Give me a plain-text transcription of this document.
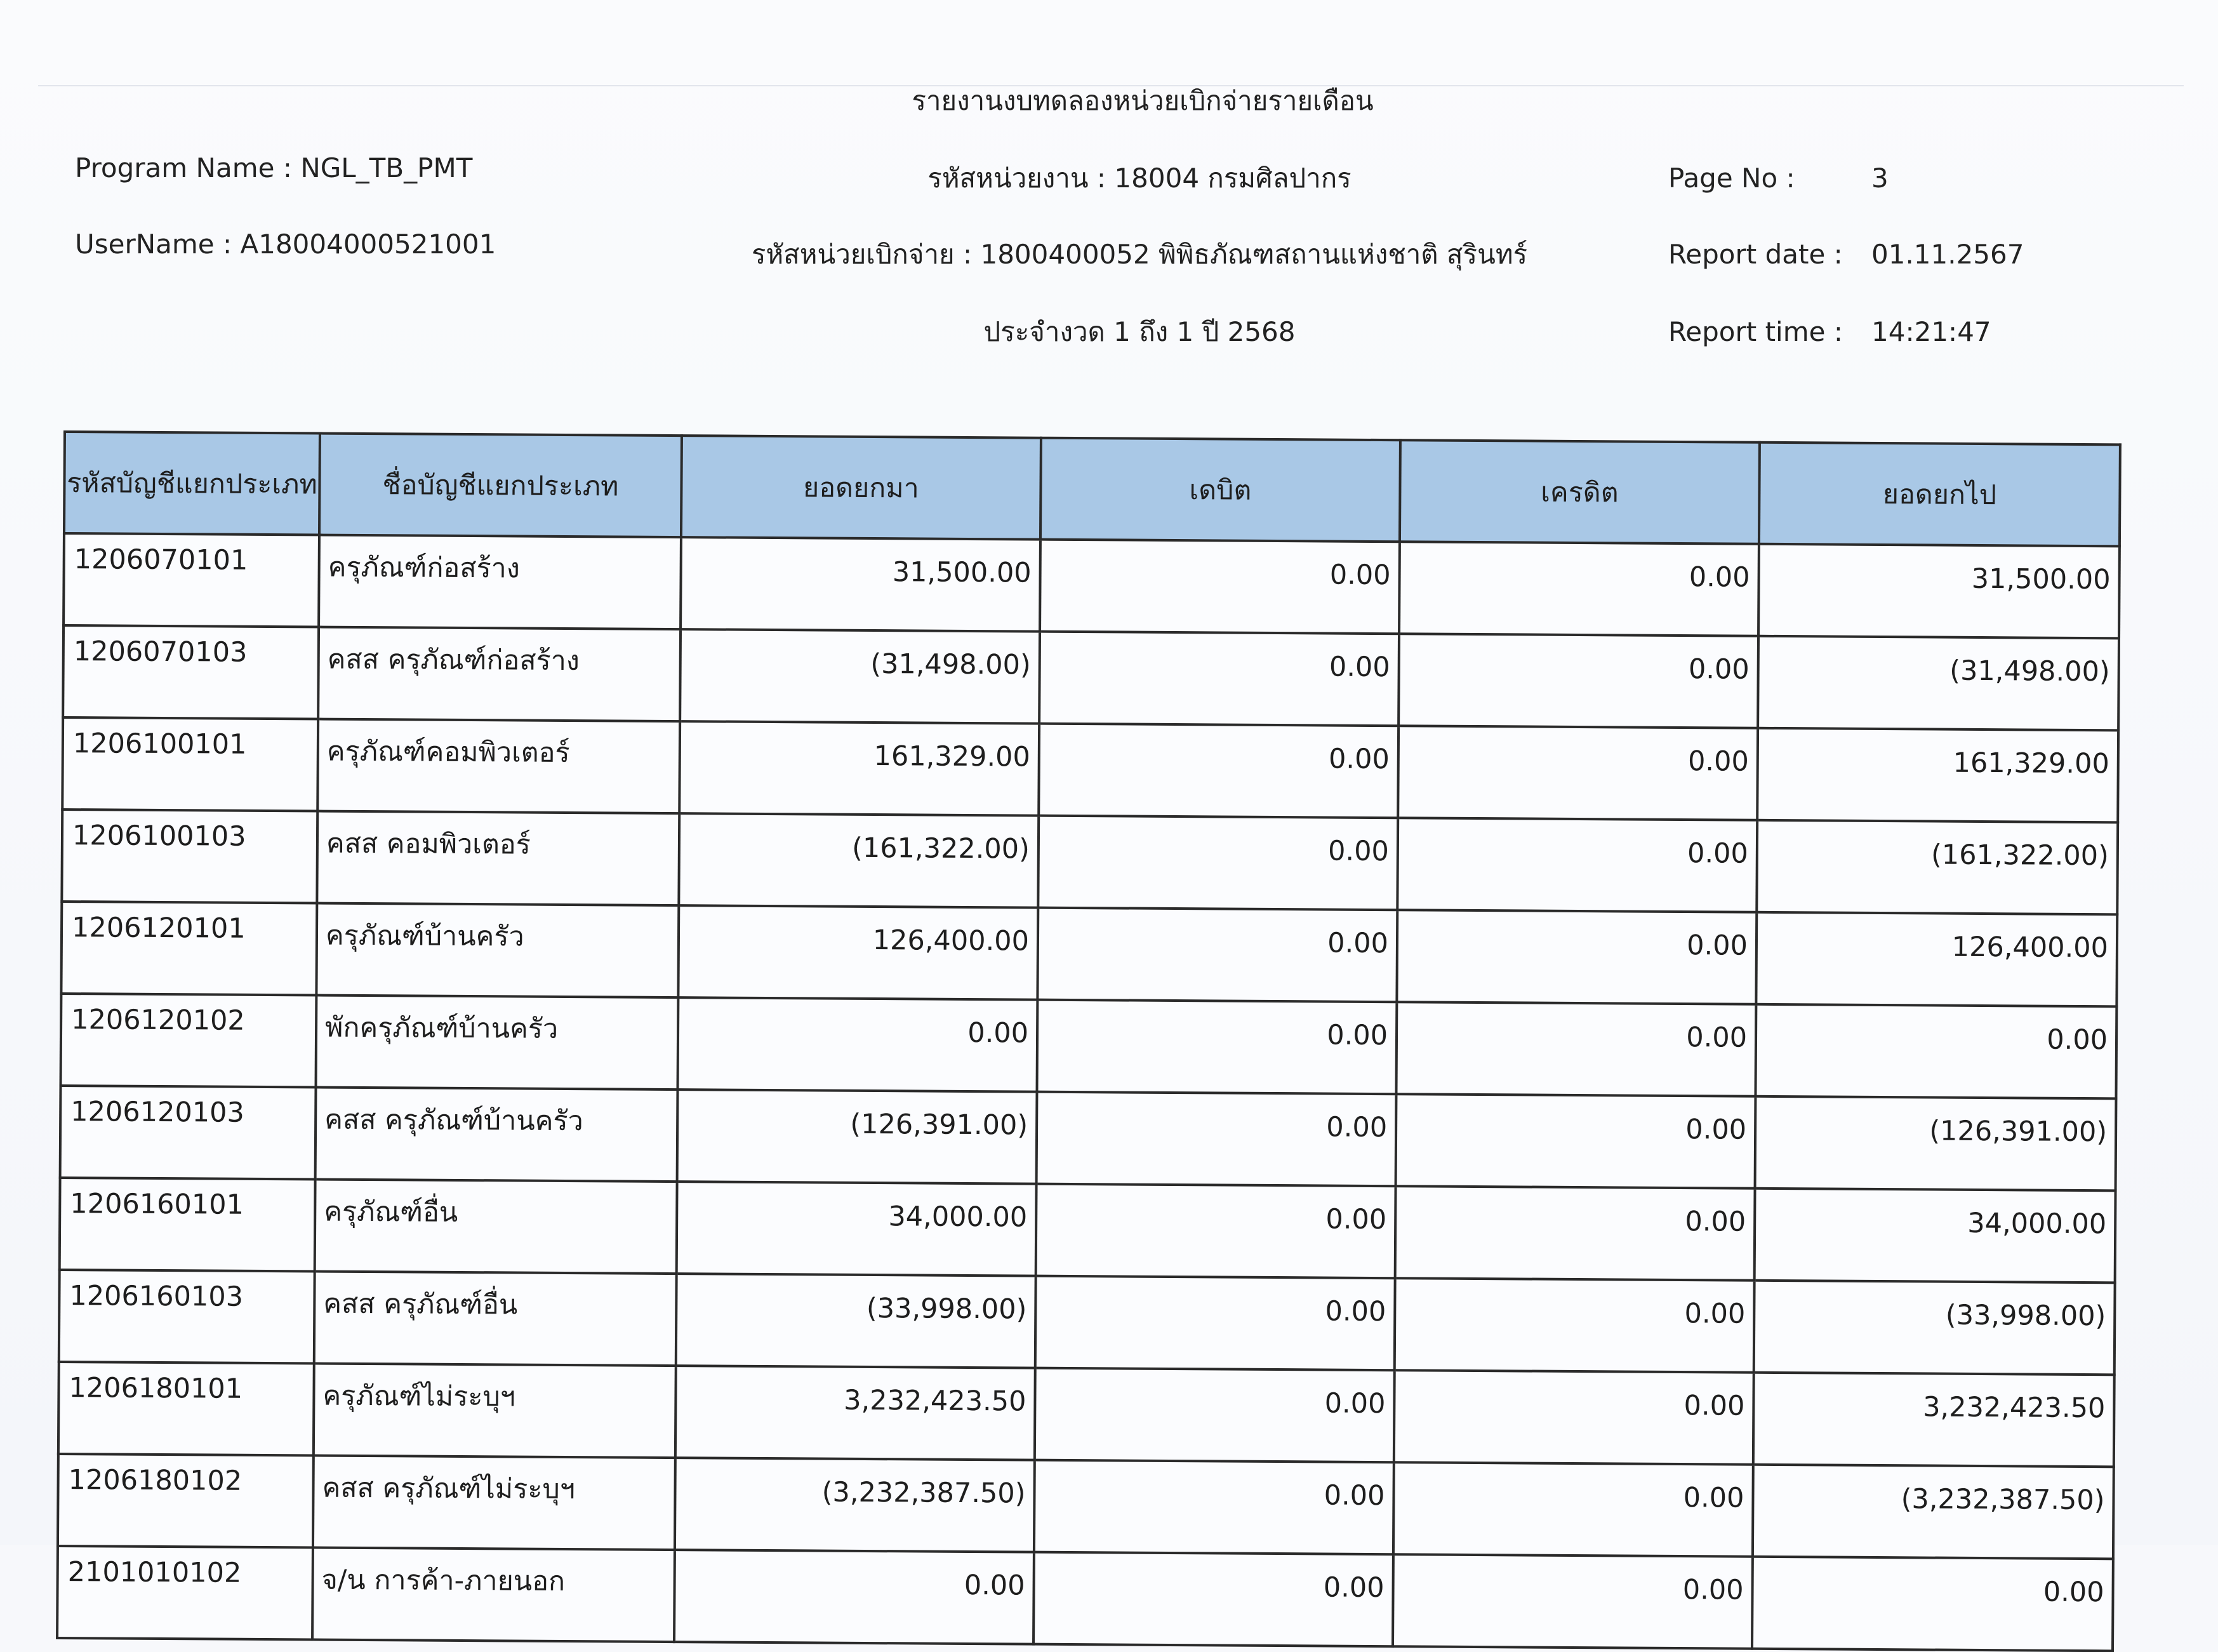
รายงานงบทดลองหน่วยเบิกจ่ายรายเดือน
Program Name : NGL_TB_PMT
UserName : A18004000521001
รหัสหน่วยงาน : 18004 กรมศิลปากร
รหัสหน่วยเบิกจ่าย : 1800400052 พิพิธภัณฑสถานแห่งชาติ สุรินทร์
ประจำงวด 1 ถึง 1 ปี 2568
Page No :	3
Report date : 01.11.2567
Report time : 14:21:47
รหัสบัญชีแยกประเภท	ชื่อบัญชีแยกประเภท	ยอดยกมา	เดบิต	เครดิต	ยอดยกไป
1206070101	ครุภัณฑ์ก่อสร้าง	31,500.00	0.00	0.00	31,500.00
1206070103	คสส ครุภัณฑ์ก่อสร้าง	(31,498.00)	0.00	0.00	(31,498.00)
1206100101	ครุภัณฑ์คอมพิวเตอร์	161,329.00	0.00	0.00	161,329.00
1206100103	คสส คอมพิวเตอร์	(161,322.00)	0.00	0.00	(161,322.00)
1206120101	ครุภัณฑ์บ้านครัว	126,400.00	0.00	0.00	126,400.00
1206120102	พักครุภัณฑ์บ้านครัว	0.00	0.00	0.00	0.00
1206120103	คสส ครุภัณฑ์บ้านครัว	(126,391.00)	0.00	0.00	(126,391.00)
1206160101	ครุภัณฑ์อื่น	34,000.00	0.00	0.00	34,000.00
1206160103	คสส ครุภัณฑ์อื่น	(33,998.00)	0.00	0.00	(33,998.00)
1206180101	ครุภัณฑ์ไม่ระบุฯ	3,232,423.50	0.00	0.00	3,232,423.50
1206180102	คสส ครุภัณฑ์ไม่ระบุฯ	(3,232,387.50)	0.00	0.00	(3,232,387.50)
2101010102	จ/น การค้า-ภายนอก	0.00	0.00	0.00	0.00
